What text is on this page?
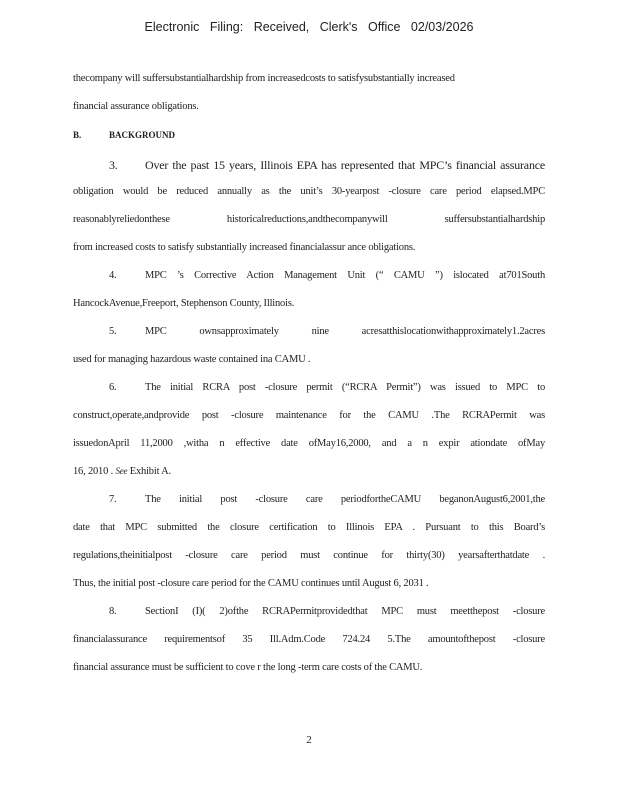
Electronic Filing: Received, Clerk's Office 02/03/2026
thecompany will suffersubstantialhardship from increasedcosts to satisfysubstantially increased
financial assurance obligations.
B.	BACKGROUND
3. Over the past 15 years, Illinois EPA has represented that MPC’s financial assurance
obligation would be reduced annually as the unit’s 30-yearpost -closure care period elapsed.MPC
reasonablyreliedonthese historicalreductions,andthecompanywill suffersubstantialhardship
from increased costs to satisfy substantially increased financialassur ance obligations.
4.	MPC ’s Corrective Action Management Unit (“ CAMU ”) islocated at701South
HancockAvenue,Freeport, Stephenson County, Illinois.
5.	MPC ownsapproximately nine acresatthislocationwithapproximately1.2acres
used for managing hazardous waste contained ina CAMU .
6.	The initial RCRA post -closure permit (“RCRA Permit”) was issued to MPC to
construct,operate,andprovide post -closure maintenance for the CAMU .The RCRAPermit was
issuedonApril 11,2000 ,witha n effective date ofMay16,2000, and a n expir ationdate ofMay
16, 2010 . See Exhibit A.
7.	The initial post -closure care periodfortheCAMU beganonAugust6,2001,the
date that MPC submitted the closure certification to Illinois EPA . Pursuant to this Board’s
regulations,theinitialpost -closure care period must continue for thirty(30) yearsafterthatdate .
Thus, the initial post -closure care period for the CAMU continues until August 6, 2031 .
8.	SectionI (I)( 2)ofthe RCRAPermitprovidedthat MPC must meetthepost -closure
financialassurance requirementsof 35 Ill.Adm.Code 724.24 5.The amountofthepost -closure
financial assurance must be sufficient to cove r the long -term care costs of the CAMU.
2
